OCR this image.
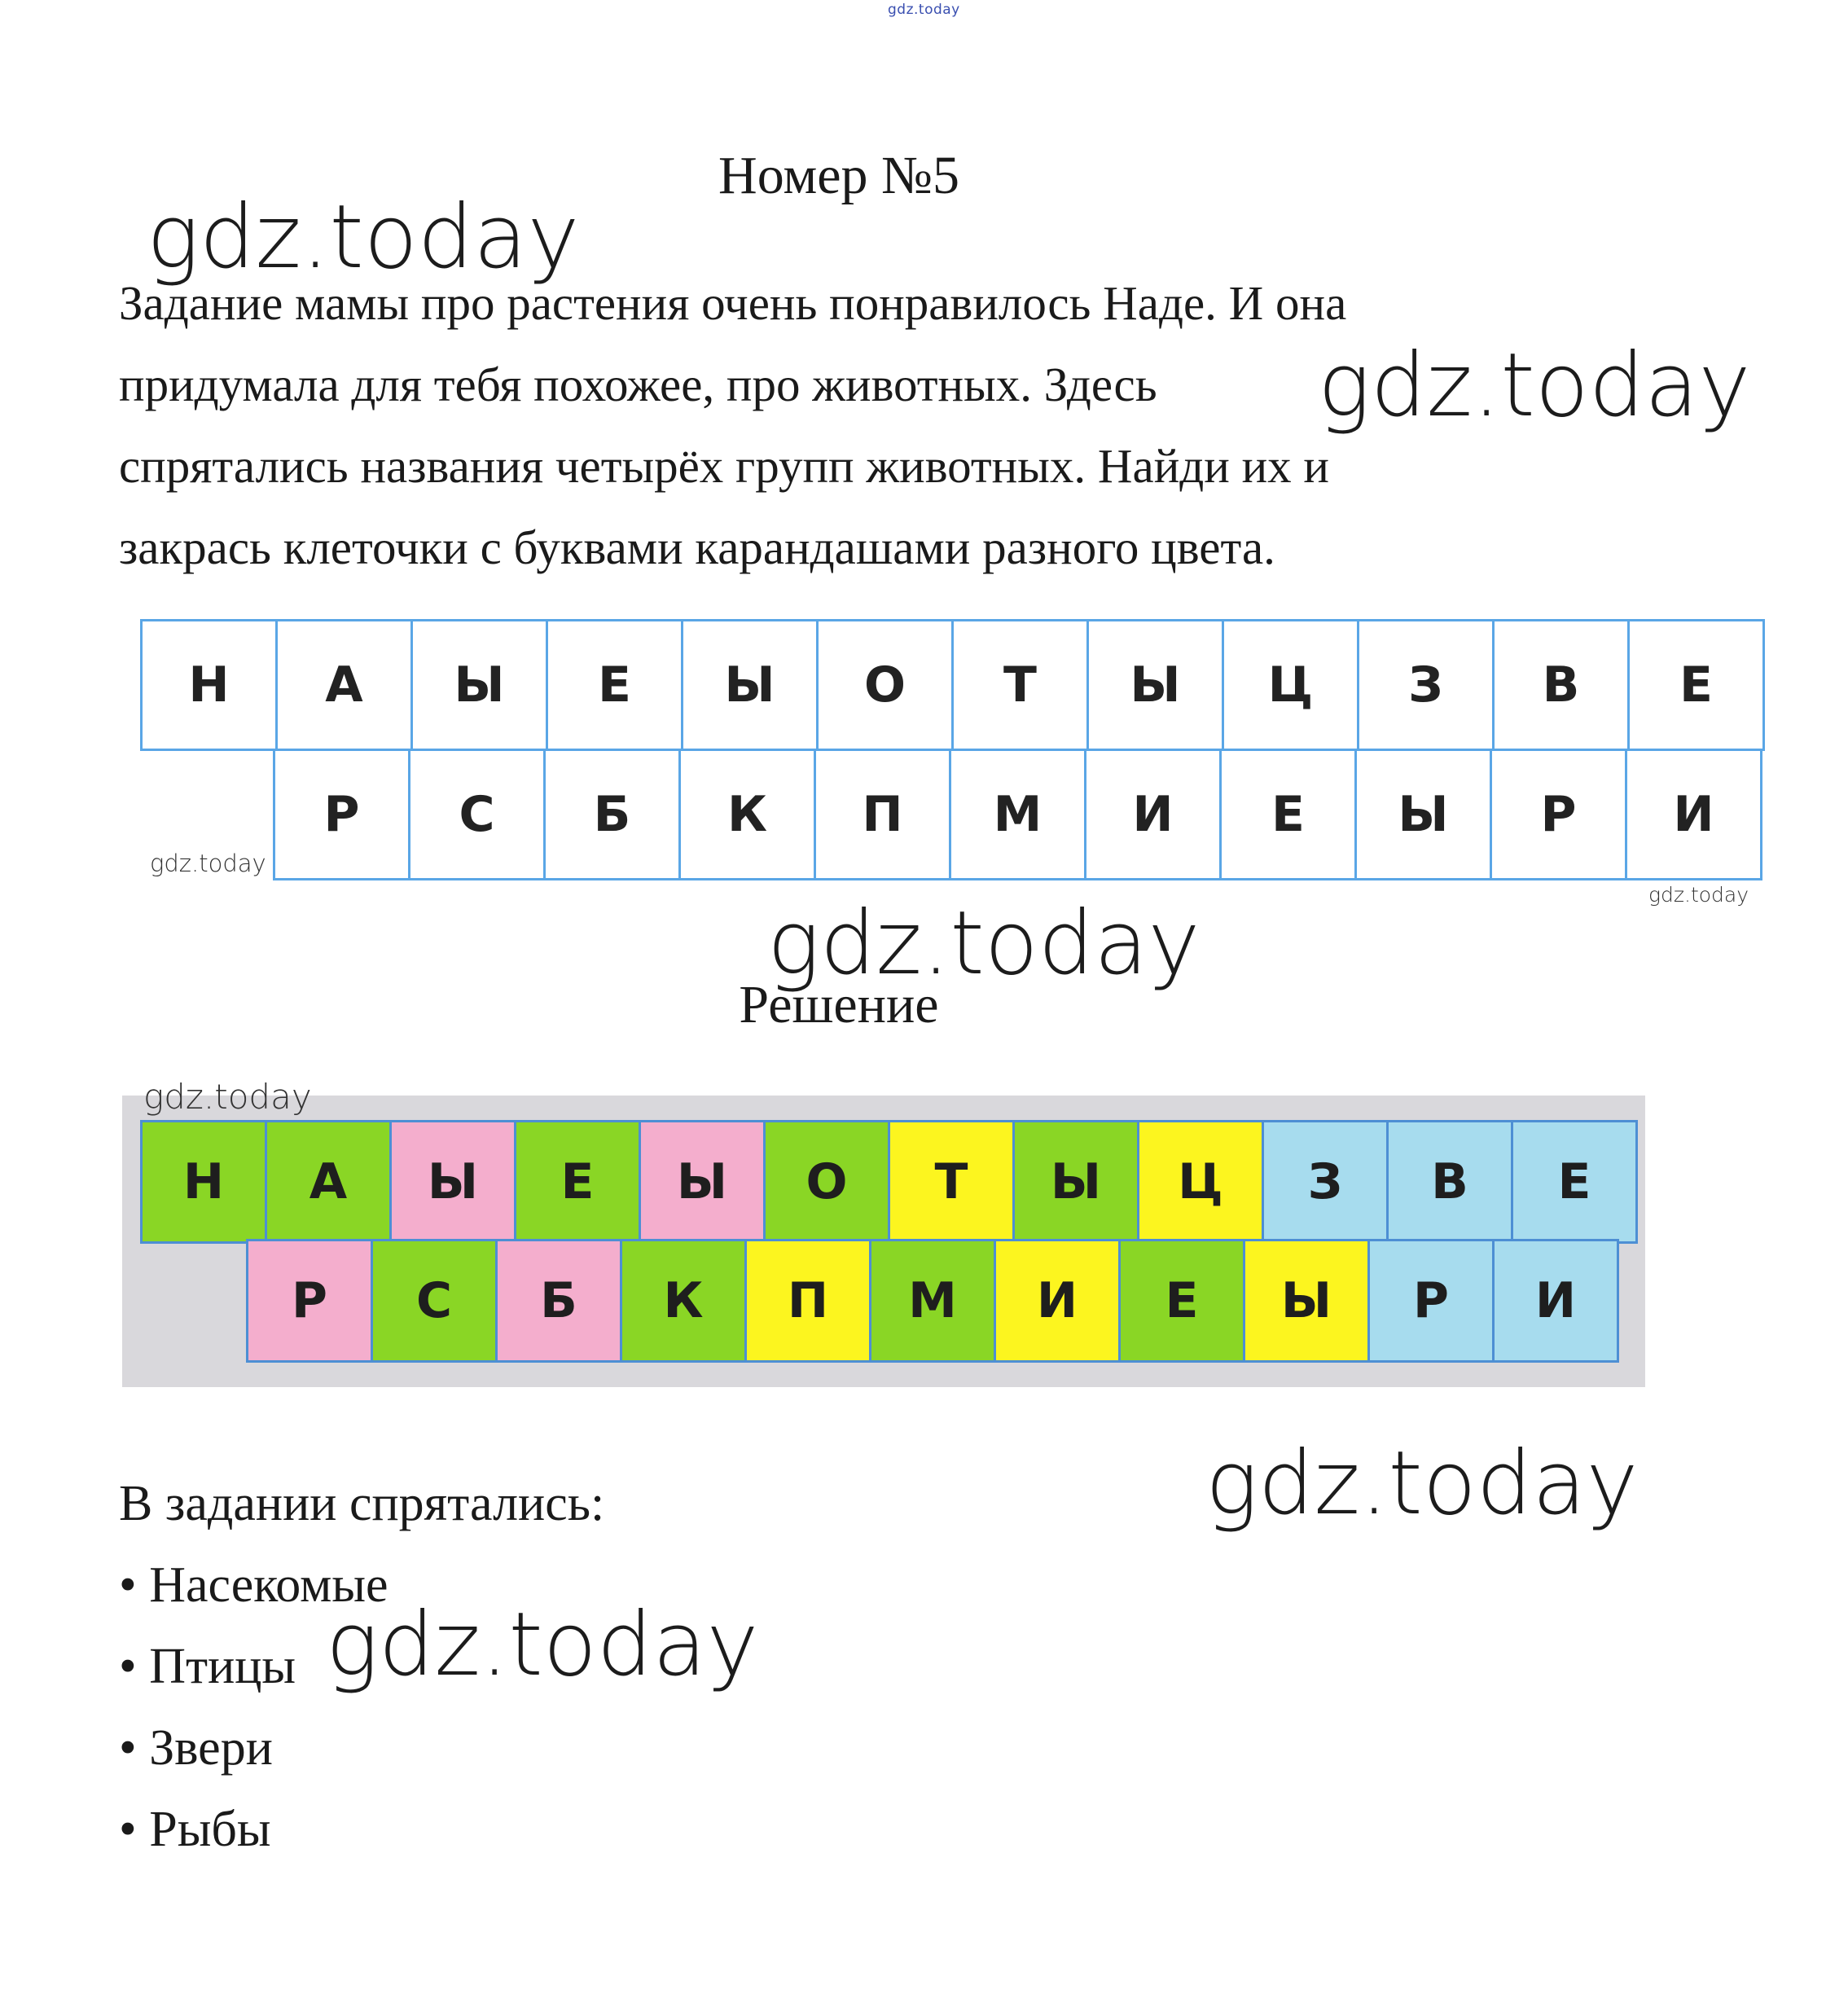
gdz.today
Номер №5

Задание мамы про растения очень понравилось Наде. И она

придумала для тебя похожее, про животных. Здесь

спрятались названия четырёх групп животных. Найди их и

закрась клеточки с буквами карандашами разного цвета.

Н	А	Ы	Е	Ы	О	Т	Ы	Ц	З	В	Е
Р	С	Б	К	П	М	И	Е	Ы	Р	И
Решение
Н	А	Ы	Е	Ы	О	Т	Ы	Ц	З	В	Е
Р	С	Б	К	П	М	И	Е	Ы	Р	И

В задании спрятались:

• Насекомые

• Птицы

• Звери

• Рыбы

gdz.today
gdz.today
gdz.today
gdz.today
gdz.today
gdz.today
gdz.today
gdz.today
